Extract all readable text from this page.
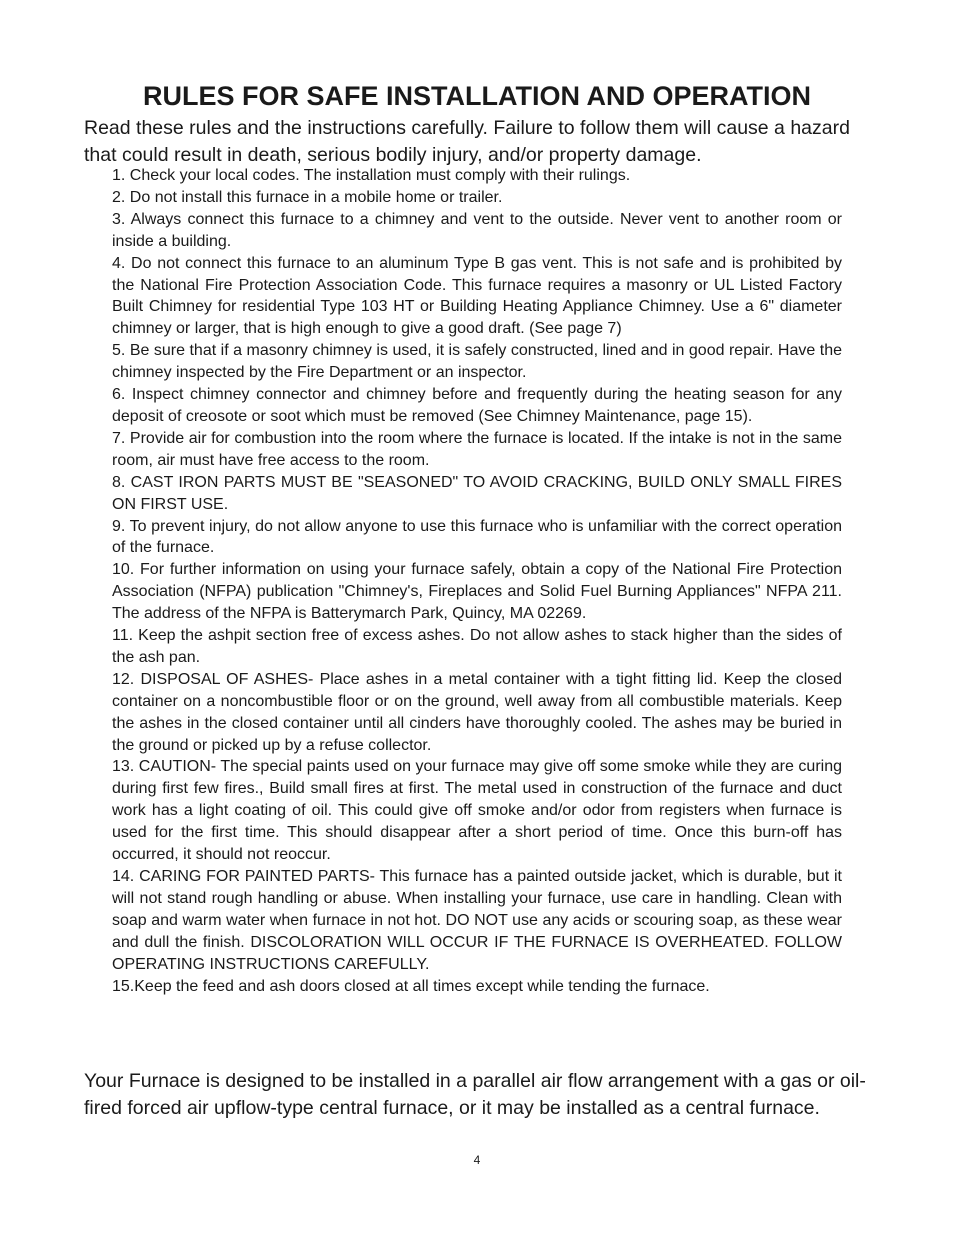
RULES FOR SAFE INSTALLATION AND OPERATION

Read these rules and the instructions carefully. Failure to follow them will cause a hazard that could result in death, serious bodily injury, and/or property damage.

1. Check your local codes. The installation must comply with their rulings.

2. Do not install this furnace in a mobile home or trailer.

3. Always connect this furnace to a chimney and vent to the outside. Never vent to another room or inside a building.

4. Do not connect this furnace to an aluminum Type B gas vent. This is not safe and is prohibited by the National Fire Protection Association Code. This furnace requires a masonry or UL Listed Factory Built Chimney for residential Type 103 HT or Building Heating Appliance Chimney. Use a 6" diameter chimney or larger, that is high enough to give a good draft. (See page 7)

5. Be sure that if a masonry chimney is used, it is safely constructed, lined and in good repair. Have the chimney inspected by the Fire Department or an inspector.

6. Inspect chimney connector and chimney before and frequently during the heating season for any deposit of creosote or soot which must be removed (See Chimney Maintenance, page 15).

7. Provide air for combustion into the room where the furnace is located. If the intake is not in the same room, air must have free access to the room.

8. CAST IRON PARTS MUST BE "SEASONED" TO AVOID CRACKING, BUILD ONLY SMALL FIRES ON FIRST USE.

9. To prevent injury, do not allow anyone to use this furnace who is unfamiliar with the correct operation of the furnace.

10. For further information on using your furnace safely, obtain a copy of the National Fire Protection Association (NFPA) publication "Chimney's, Fireplaces and Solid Fuel Burning Appliances" NFPA 211. The address of the NFPA is Batterymarch Park, Quincy, MA 02269.

11. Keep the ashpit section free of excess ashes. Do not allow ashes to stack higher than the sides of the ash pan.

12. DISPOSAL OF ASHES- Place ashes in a metal container with a tight fitting lid. Keep the closed container on a noncombustible floor or on the ground, well away from all combustible materials. Keep the ashes in the closed container until all cinders have thoroughly cooled. The ashes may be buried in the ground or picked up by a refuse collector.

13. CAUTION- The special paints used on your furnace may give off some smoke while they are curing during first few fires., Build small fires at first. The metal used in construction of the furnace and duct work has a light coating of oil. This could give off smoke and/or odor from registers when furnace is used for the first time. This should disappear after a short period of time. Once this burn-off has occurred, it should not reoccur.

14. CARING FOR PAINTED PARTS- This furnace has a painted outside jacket, which is durable, but it will not stand rough handling or abuse. When installing your furnace, use care in handling. Clean with soap and warm water when furnace in not hot. DO NOT use any acids or scouring soap, as these wear and dull the finish. DISCOLORATION WILL OCCUR IF THE FURNACE IS OVERHEATED. FOLLOW OPERATING INSTRUCTIONS CAREFULLY.

15.Keep the feed and ash doors closed at all times except while tending the furnace.

Your Furnace is designed to be installed in a parallel air flow arrangement with a gas or oil-fired forced air upflow-type central furnace, or it may be installed as a central furnace.

4
